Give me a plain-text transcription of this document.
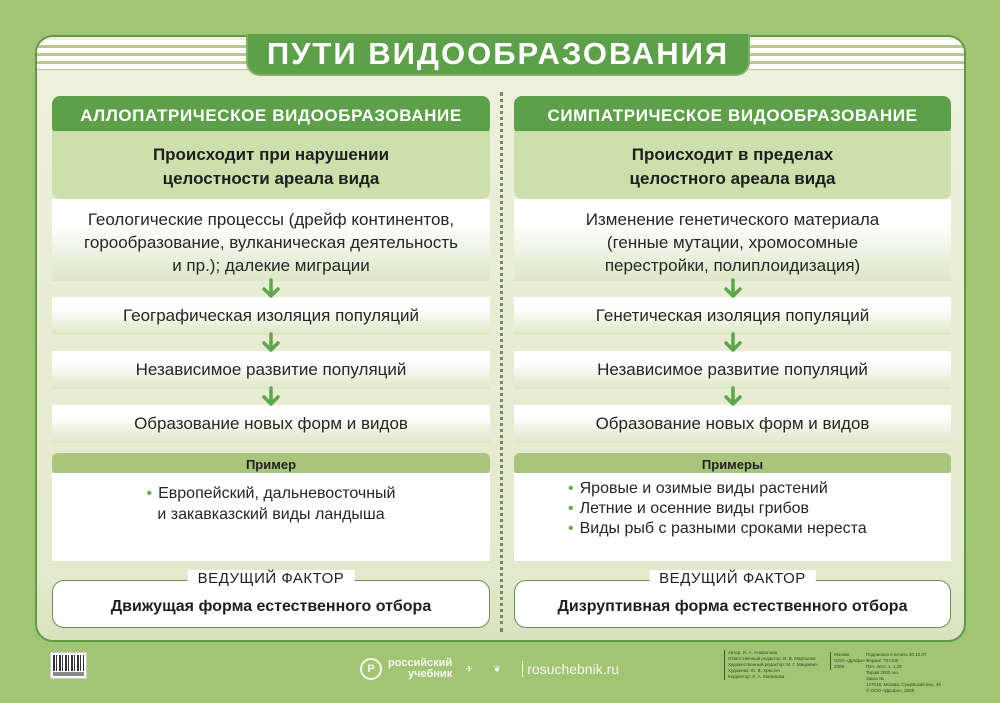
ПУТИ ВИДООБРАЗОВАНИЯ
АЛЛОПАТРИЧЕСКОЕ ВИДООБРАЗОВАНИЕ
Происходит при нарушении
целостности ареала вида
Геологические процессы (дрейф континентов,
горообразование, вулканическая деятельность
и пр.); далекие миграции
Географическая изоляция популяций
Независимое развитие популяций
Образование новых форм и видов
Пример
• Европейский, дальневосточный
и закавказский виды ландыша
ВЕДУЩИЙ ФАКТОР
Движущая форма естественного отбора
СИМПАТРИЧЕСКОЕ ВИДООБРАЗОВАНИЕ
Происходит в пределах
целостного ареала вида
Изменение генетического материала
(генные мутации, хромосомные
перестройки, полиплоидизация)
Генетическая изоляция популяций
Независимое развитие популяций
Образование новых форм и видов
Примеры
• Яровые и озимые виды растений
• Летние и осенние виды грибов
• Виды рыб с разными сроками нереста
ВЕДУЩИЙ ФАКТОР
Дизруптивная форма естественного отбора
Р	российский
учебник	✈	❦	rosuchebnik.ru
Автор: И. А. Агафонова
Ответственный редактор: И. В. Мартынов
Художественный редактор: М. Г. Мицкевич
Художник: Ю. В. Христич
Корректор: Л. А. Малинова
Москва
ООО «Дрофа»
2008
Подписано в печать 30.10.07
Формат 70×100
Печ. лист. 1. 1,28
Тираж 3000 экз.
Заказ №
127018, Москва, Сущевский вал, 49
© ООО «Дрофа», 2008
